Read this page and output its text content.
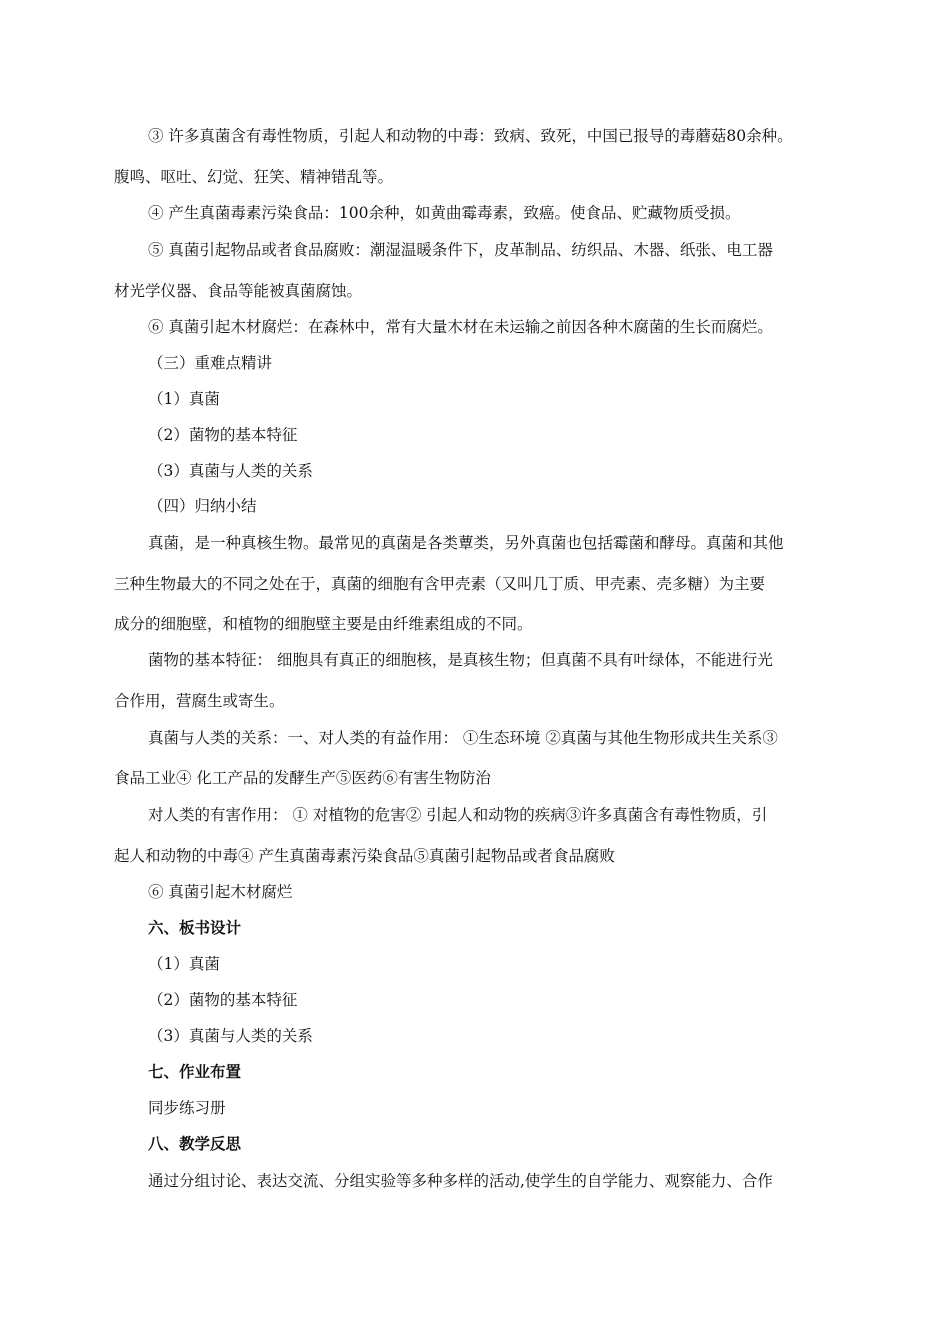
③ 许多真菌含有毒性物质，引起人和动物的中毒：致病、致死，中国已报导的毒蘑菇80余种。
腹鸣、呕吐、幻觉、狂笑、精神错乱等。
④ 产生真菌毒素污染食品：100余种，如黄曲霉毒素，致癌。使食品、贮藏物质受损。
⑤ 真菌引起物品或者食品腐败：潮湿温暖条件下，皮革制品、纺织品、木器、纸张、电工器
材光学仪器、食品等能被真菌腐蚀。
⑥ 真菌引起木材腐烂：在森林中，常有大量木材在未运输之前因各种木腐菌的生长而腐烂。
（三）重难点精讲
（1）真菌
（2）菌物的基本特征
（3）真菌与人类的关系
（四）归纳小结
真菌，是一种真核生物。最常见的真菌是各类蕈类，另外真菌也包括霉菌和酵母。真菌和其他
三种生物最大的不同之处在于，真菌的细胞有含甲壳素（又叫几丁质、甲壳素、壳多糖）为主要
成分的细胞壁，和植物的细胞壁主要是由纤维素组成的不同。
菌物的基本特征： 细胞具有真正的细胞核，是真核生物；但真菌不具有叶绿体，不能进行光
合作用，营腐生或寄生。
真菌与人类的关系：一、对人类的有益作用： ①生态环境 ②真菌与其他生物形成共生关系③
食品工业④ 化工产品的发酵生产⑤医药⑥有害生物防治
对人类的有害作用： ① 对植物的危害② 引起人和动物的疾病③许多真菌含有毒性物质，引
起人和动物的中毒④ 产生真菌毒素污染食品⑤真菌引起物品或者食品腐败
⑥ 真菌引起木材腐烂
六、板书设计
（1）真菌
（2）菌物的基本特征
（3）真菌与人类的关系
七、作业布置
同步练习册
八、教学反思
通过分组讨论、表达交流、分组实验等多种多样的活动,使学生的自学能力、观察能力、合作
